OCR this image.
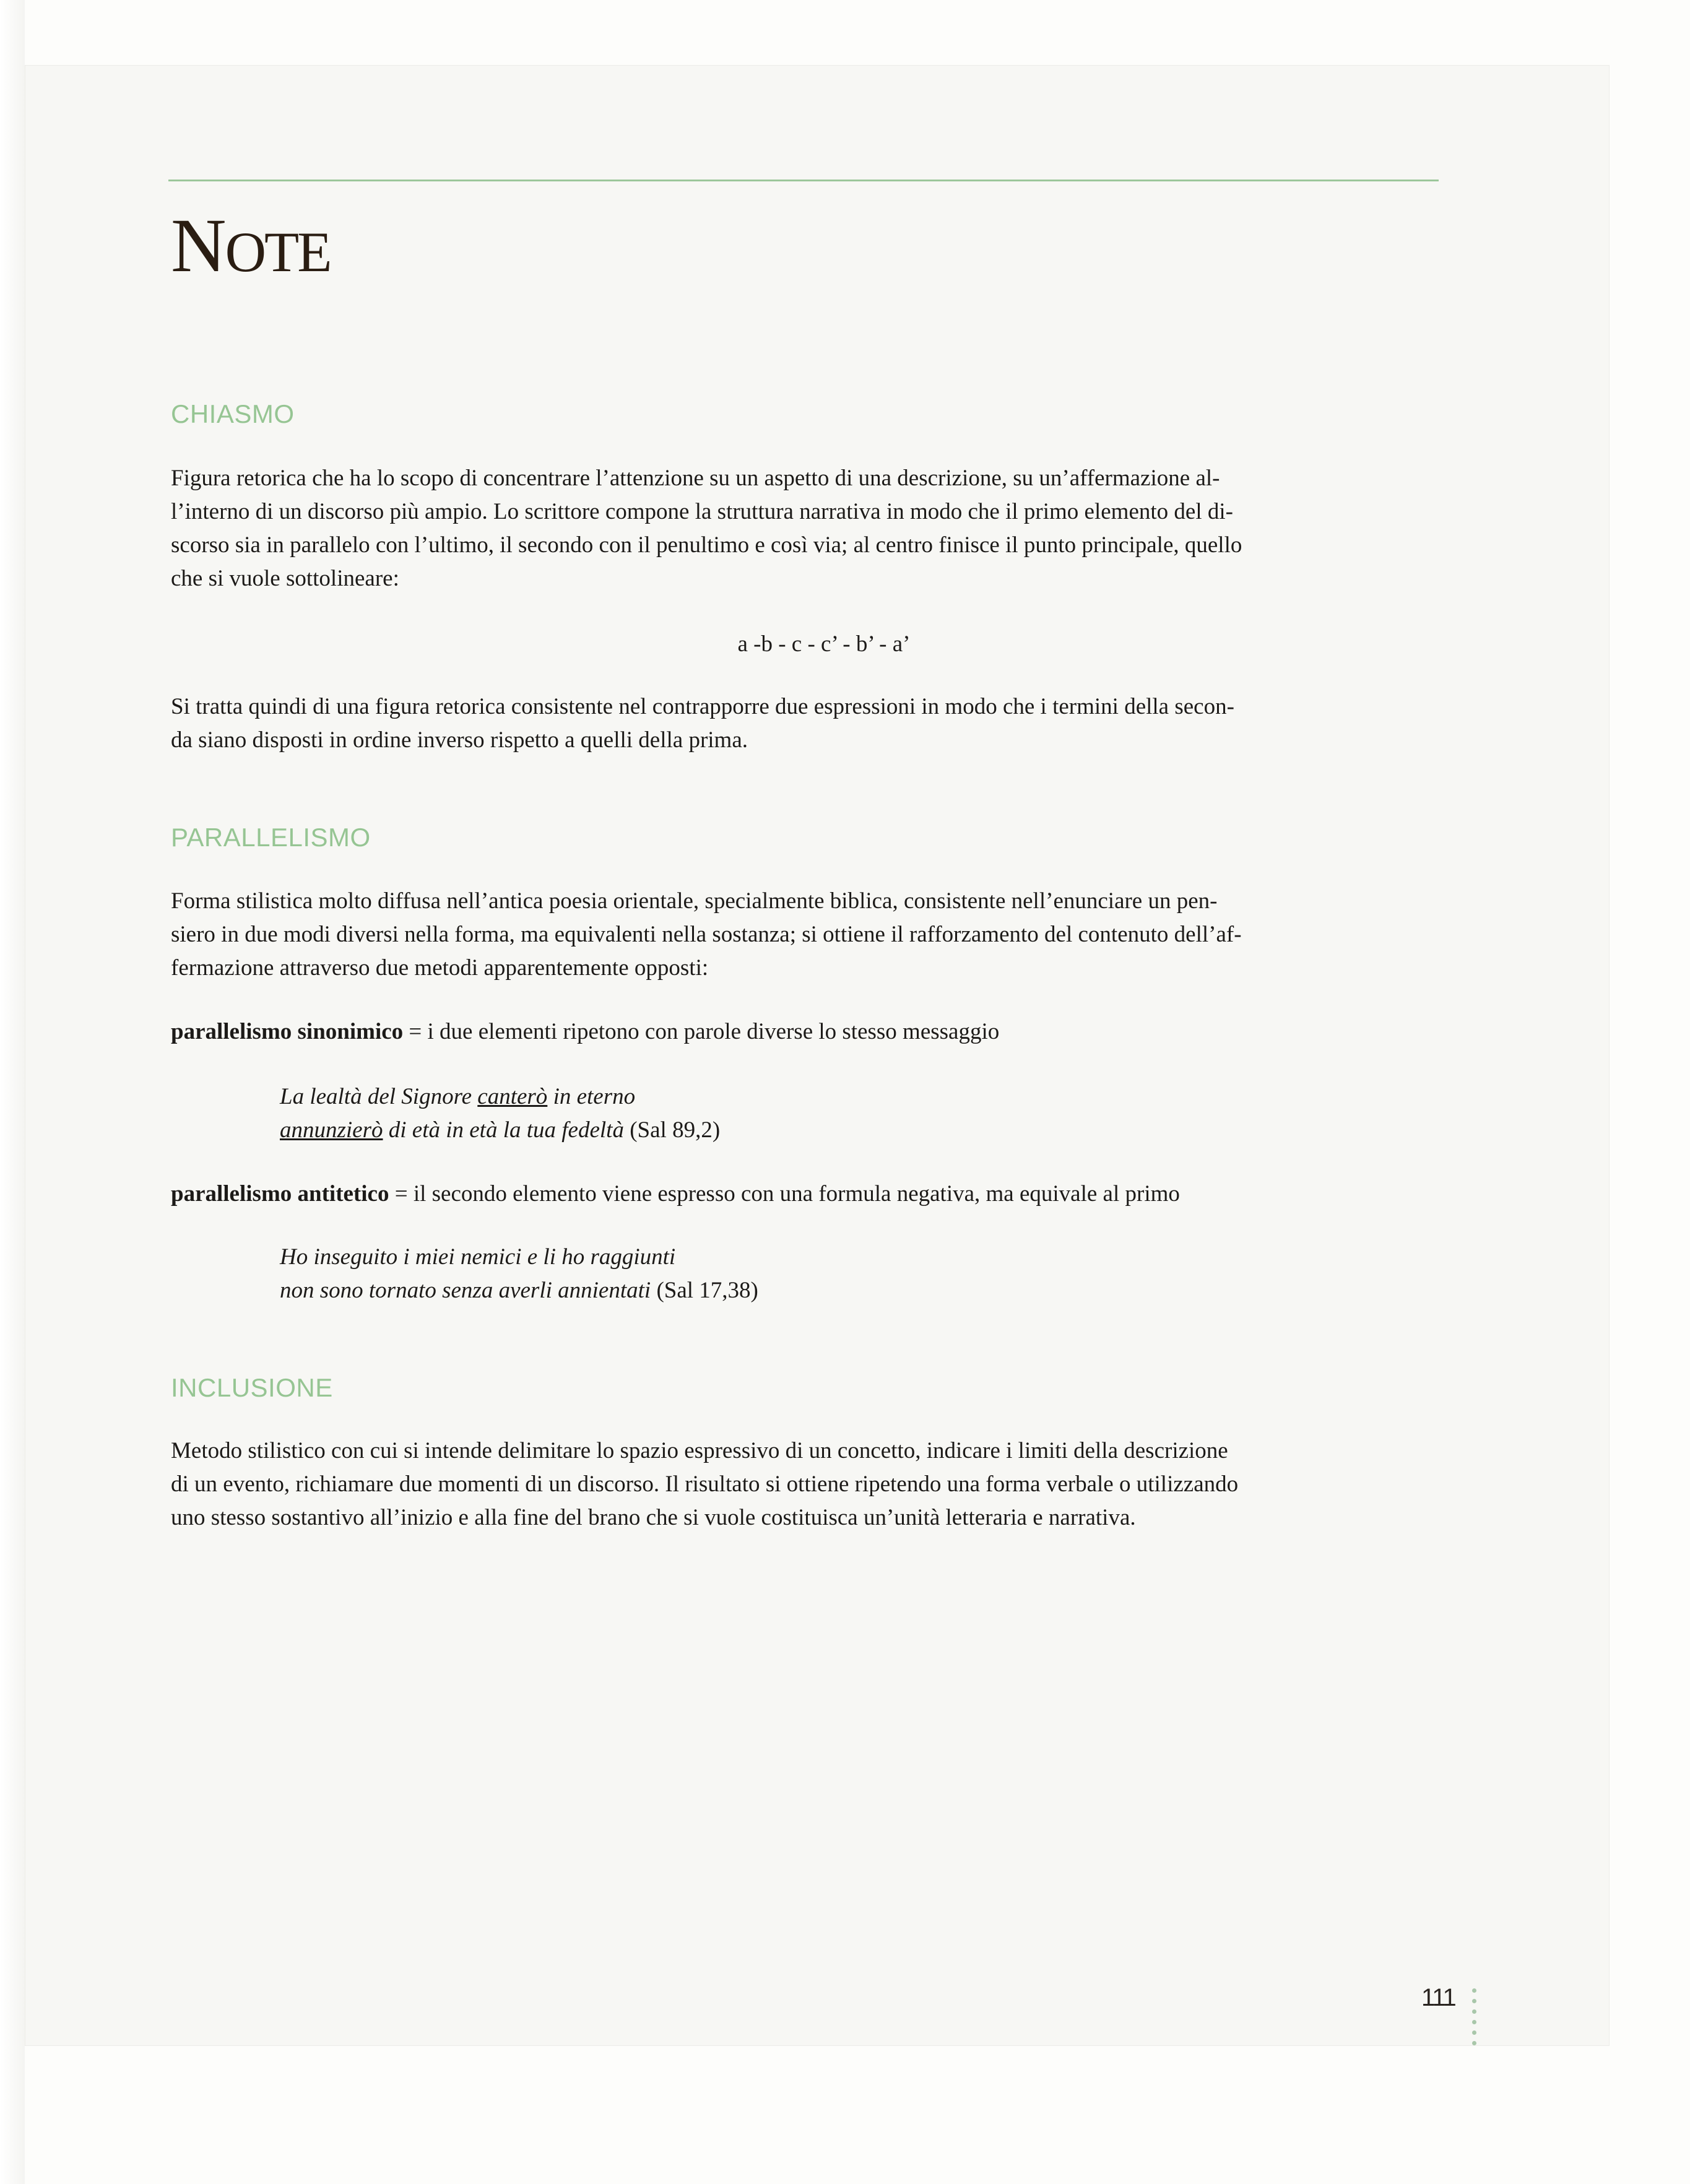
NOTE
CHIASMO
Figura retorica che ha lo scopo di concentrare l’attenzione su un aspetto di una descrizione, su un’affermazione al-
l’interno di un discorso più ampio. Lo scrittore compone la struttura narrativa in modo che il primo elemento del di-
scorso sia in parallelo con l’ultimo, il secondo con il penultimo e così via; al centro finisce il punto principale, quello
che si vuole sottolineare:
a -b - c - c’ - b’ - a’
Si tratta quindi di una figura retorica consistente nel contrapporre due espressioni in modo che i termini della secon-
da siano disposti in ordine inverso rispetto a quelli della prima.
PARALLELISMO
Forma stilistica molto diffusa nell’antica poesia orientale, specialmente biblica, consistente nell’enunciare un pen-
siero in due modi diversi nella forma, ma equivalenti nella sostanza; si ottiene il rafforzamento del contenuto dell’af-
fermazione attraverso due metodi apparentemente opposti:
parallelismo sinonimico = i due elementi ripetono con parole diverse lo stesso messaggio
La lealtà del Signore canterò in eterno
annunzierò di età in età la tua fedeltà (Sal 89,2)
parallelismo antitetico = il secondo elemento viene espresso con una formula negativa, ma equivale al primo
Ho inseguito i miei nemici e li ho raggiunti
non sono tornato senza averli annientati (Sal 17,38)
INCLUSIONE
Metodo stilistico con cui si intende delimitare lo spazio espressivo di un concetto, indicare i limiti della descrizione
di un evento, richiamare due momenti di un discorso. Il risultato si ottiene ripetendo una forma verbale o utilizzando
uno stesso sostantivo all’inizio e alla fine del brano che si vuole costituisca un’unità letteraria e narrativa.
111
